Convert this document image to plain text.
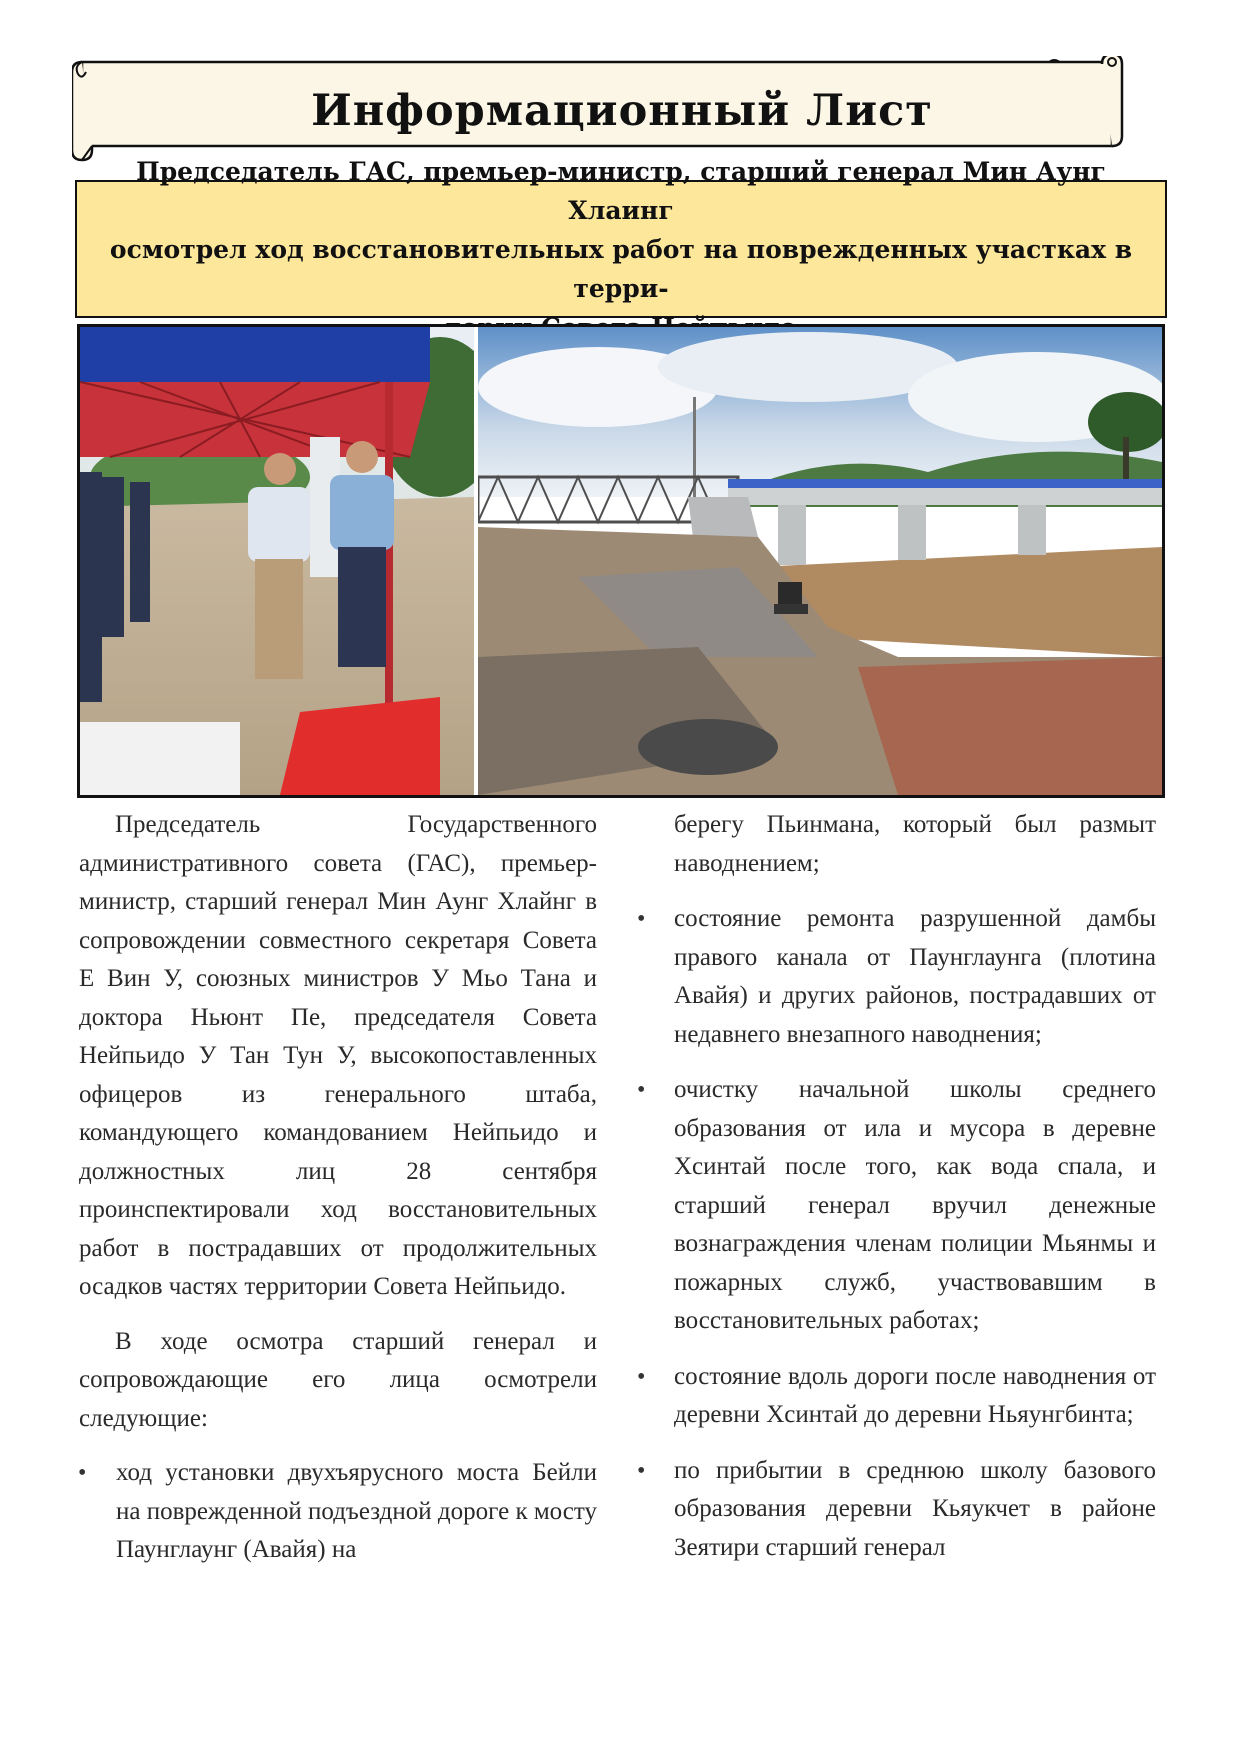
Информационный Лист
Председатель ГАС, премьер-министр, старший генерал Мин Аунг Хлаинг
осмотрел ход восстановительных работ на поврежденных участках в терри-

Председатель Государственного административного совета (ГАС), премьер-министр, старший генерал Мин Аунг Хлайнг в сопровождении совместного секретаря Совета Е Вин У, союзных министров У Мьо Тана и доктора Ньюнт Пе, председателя Совета Нейпьидо У Тан Тун У, высокопоставленных офицеров из генерального штаба, командующего командованием Нейпьидо и должностных лиц 28 сентября проинспектировали ход восстановительных работ в пострадавших от продолжительных осадков частях территории Совета Нейпьидо.

В ходе осмотра старший генерал и сопровождающие его лица осмотрели следующие:

• ход установки двухъярусного моста Бейли на поврежденной подъездной дороге к мосту Паунглаунг (Авайя) на
берегу Пьинмана, который был размыт наводнением;
• состояние ремонта разрушенной дамбы правого канала от Паунглаунга (плотина Авайя) и других районов, пострадавших от недавнего внезапного наводнения;
• очистку начальной школы среднего образования от ила и мусора в деревне Хсинтай после того, как вода спала, и старший генерал вручил денежные вознаграждения членам полиции Мьянмы и пожарных служб, участвовавшим в восстановительных работах;
• состояние вдоль дороги после наводнения от деревни Хсинтай до деревни Ньяунгбинта;
• по прибытии в среднюю школу базового образования деревни Кьяукчет в районе Зеятири старший генерал
